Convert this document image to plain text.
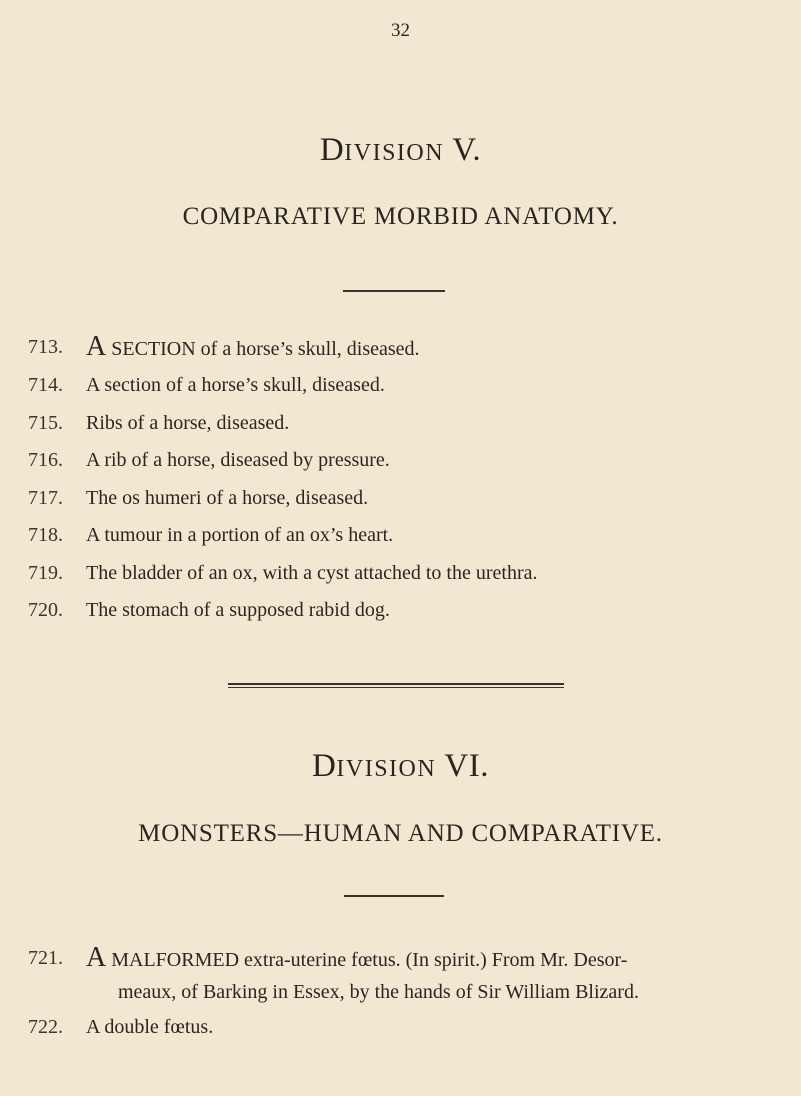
32
DIVISION V.
COMPARATIVE MORBID ANATOMY.
713. A SECTION of a horse’s skull, diseased.
714.	A section of a horse’s skull, diseased.
715.	Ribs of a horse, diseased.
716.	A rib of a horse, diseased by pressure.
717.	The os humeri of a horse, diseased.
718.	A tumour in a portion of an ox’s heart.
719.	The bladder of an ox, with a cyst attached to the urethra.
720.	The stomach of a supposed rabid dog.
DIVISION VI.
MONSTERS—HUMAN AND COMPARATIVE.
721. A MALFORMED extra-uterine fœtus. (In spirit.) From Mr. Desor-
meaux, of Barking in Essex, by the hands of Sir William Blizard.
722.	A double fœtus.
